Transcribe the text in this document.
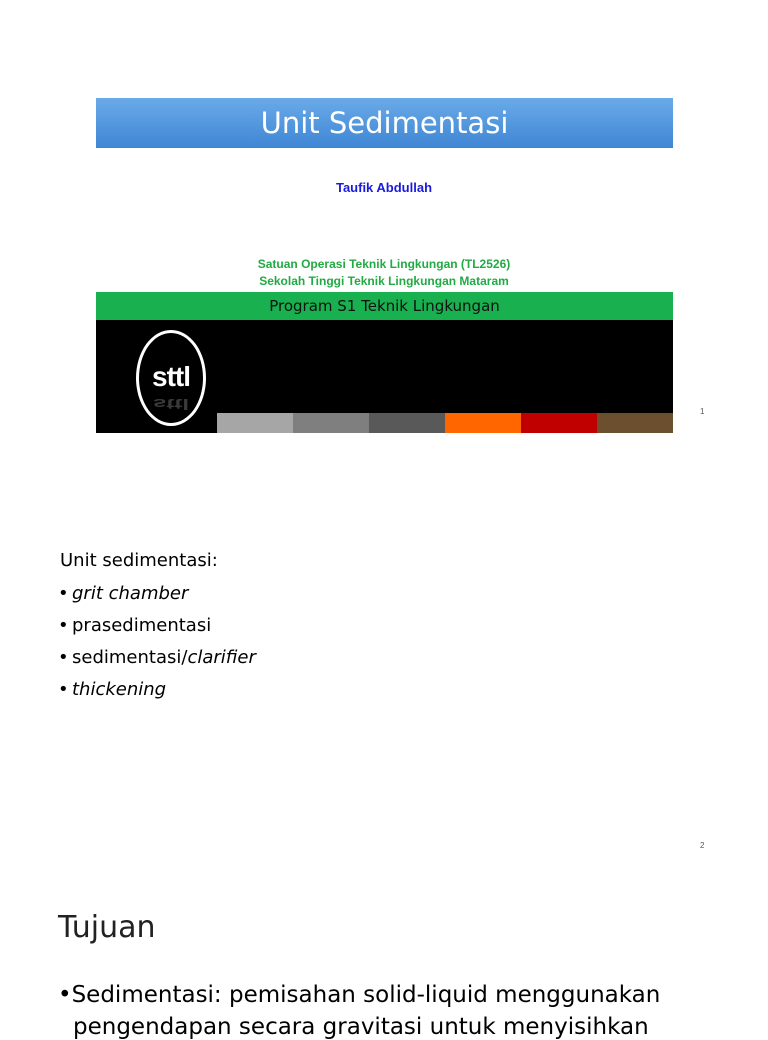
Unit Sedimentasi
Taufik Abdullah
Satuan Operasi Teknik Lingkungan (TL2526)
Sekolah Tinggi Teknik Lingkungan Mataram
Program S1 Teknik Lingkungan
sttl
sttl
1
Unit sedimentasi:
• grit chamber
• prasedimentasi
• sedimentasi/clarifier
• thickening
2
Tujuan
•Sedimentasi: pemisahan solid-liquid menggunakan
pengendapan secara gravitasi untuk menyisihkan
